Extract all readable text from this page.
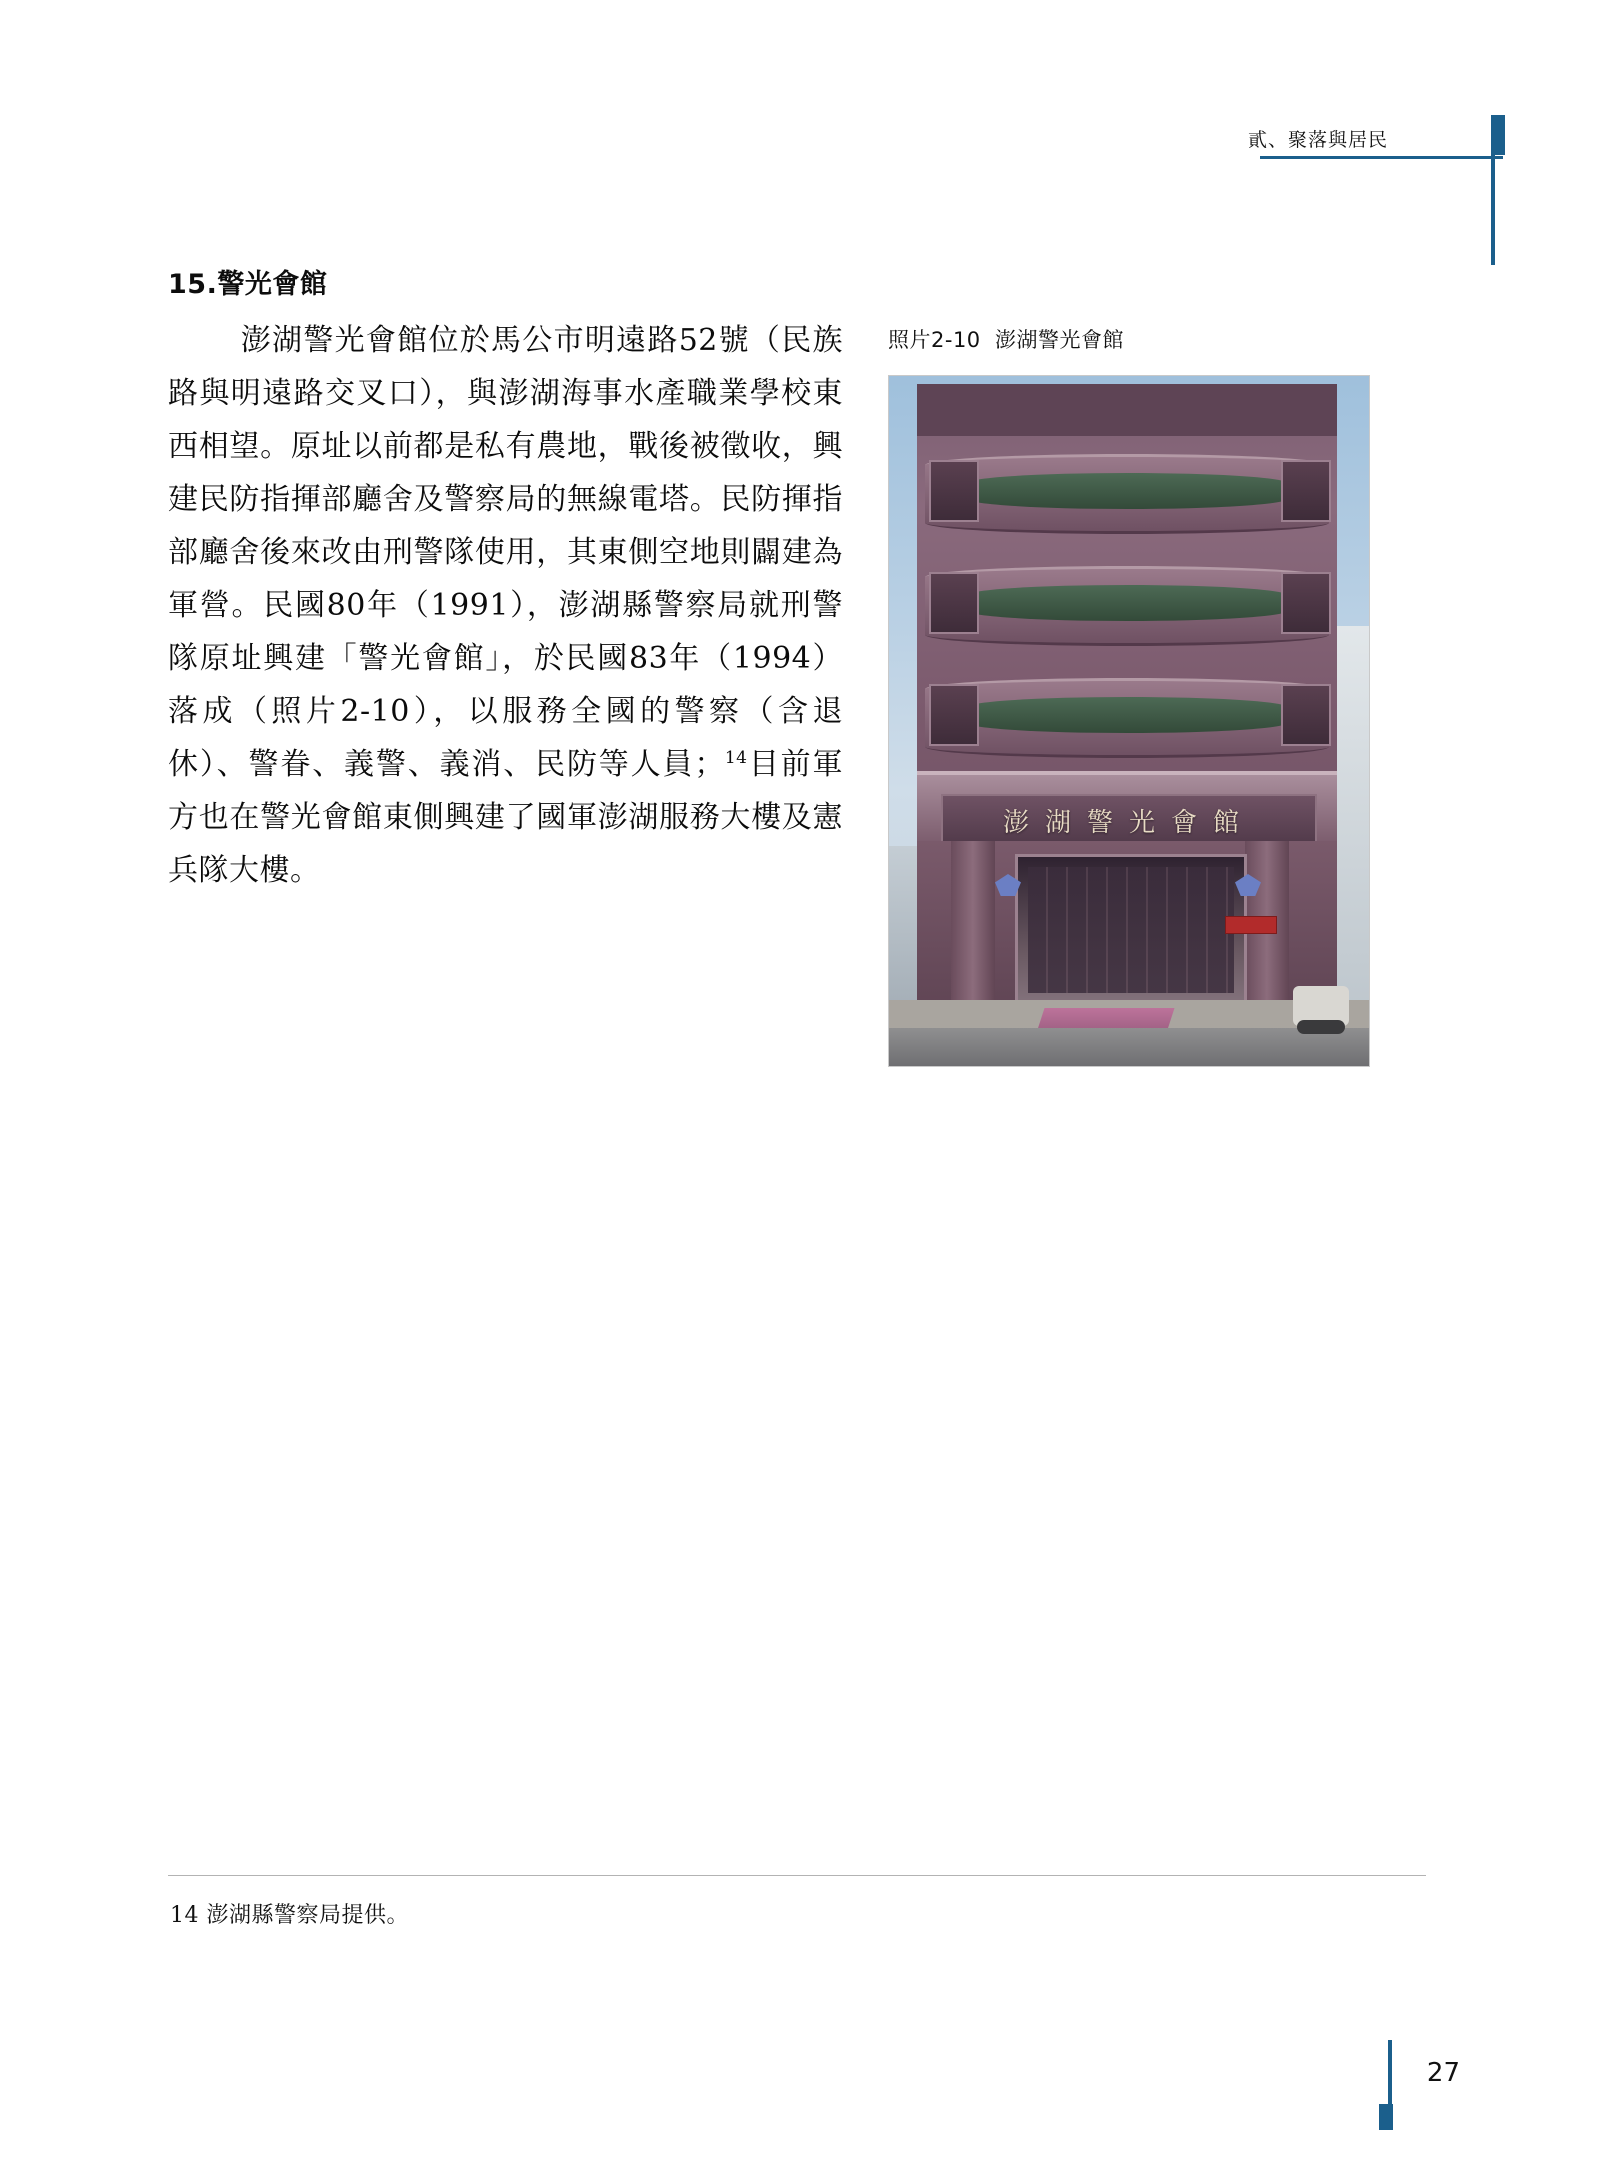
貳、聚落與居民
15.警光會館
澎湖警光會館位於馬公市明遠路52號（民族路與明遠路交叉口），與澎湖海事水產職業學校東西相望。原址以前都是私有農地，戰後被徵收，興建民防指揮部廳舍及警察局的無線電塔。民防揮指部廳舍後來改由刑警隊使用，其東側空地則闢建為軍營。民國80年（1991），澎湖縣警察局就刑警隊原址興建「警光會館」，於民國83年（1994）落成（照片2-10），以服務全國的警察（含退休）、警眷、義警、義消、民防等人員；$^{14}$目前軍方也在警光會館東側興建了國軍澎湖服務大樓及憲兵隊大樓。
照片2-10 澎湖警光會館
澎湖警光會館
14 澎湖縣警察局提供。
27
